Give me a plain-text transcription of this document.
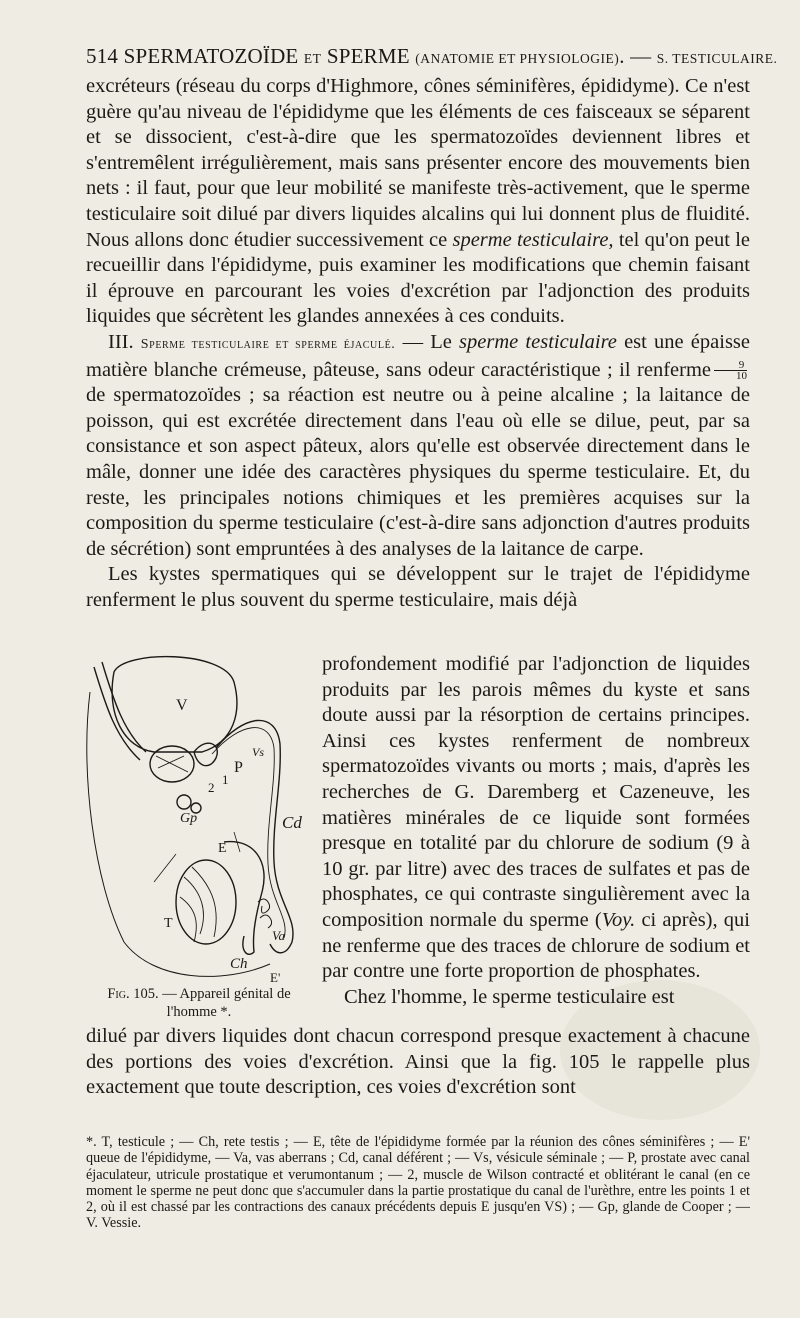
514 SPERMATOZOÏDE ET SPERME (ANATOMIE ET PHYSIOLOGIE). — S. TESTICULAIRE.

excréteurs (réseau du corps d'Highmore, cônes séminifères, épididyme). Ce n'est guère qu'au niveau de l'épididyme que les éléments de ces faisceaux se séparent et se dissocient, c'est-à-dire que les spermatozoïdes deviennent libres et s'entremêlent irrégulièrement, mais sans présenter encore des mouvements bien nets : il faut, pour que leur mobilité se manifeste très-activement, que le sperme testiculaire soit dilué par divers liquides alcalins qui lui donnent plus de fluidité. Nous allons donc étudier successivement ce sperme testiculaire, tel qu'on peut le recueillir dans l'épididyme, puis examiner les modifications que chemin faisant il éprouve en parcourant les voies d'excrétion par l'adjonction des produits liquides que sécrètent les glandes annexées à ces conduits.

III. Sperme testiculaire et sperme éjaculé. — Le sperme testiculaire est une épaisse matière blanche crémeuse, pâteuse, sans odeur caractéristique ; il renferme $\frac{9}{10}$
de spermatozoïdes ; sa réaction est neutre ou à peine alcaline ; la laitance de poisson, qui est excrétée directement dans l'eau où elle se dilue, peut, par sa consistance et son aspect pâteux, alors qu'elle est observée directement dans le mâle, donner une idée des caractères physiques du sperme testiculaire. Et, du reste, les principales notions chimiques et les premières acquises sur la composition du sperme testiculaire (c'est-à-dire sans adjonction d'autres produits de sécrétion) sont empruntées à des analyses de la laitance de carpe.

Les kystes spermatiques qui se développent sur le trajet de l'épididyme renferment le plus souvent du sperme testiculaire, mais déjà

V
P
Vs
1
2
Gp	Cd
E
T
Va
Ch
E'
Fig. 105. — Appareil génital de l'homme *.

profondement modifié par l'adjonction de liquides produits par les parois mêmes du kyste et sans doute aussi par la résorption de certains principes. Ainsi ces kystes renferment de nombreux spermatozoïdes vivants ou morts ; mais, d'après les recherches de G. Daremberg et Cazeneuve, les matières minérales de ce liquide sont formées presque en totalité par du chlorure de sodium (9 à 10 gr. par litre) avec des traces de sulfates et pas de phosphates, ce qui contraste singulièrement avec la composition normale du sperme (Voy. ci après), qui ne renferme que des traces de chlorure de sodium et par contre une forte proportion de phosphates.

Chez l'homme, le sperme testiculaire est

dilué par divers liquides dont chacun correspond presque exactement à chacune des portions des voies d'excrétion. Ainsi que la fig. 105 le rappelle plus exactement que toute description, ces voies d'excrétion sont

*. T, testicule ; — Ch, rete testis ; — E, tête de l'épididyme formée par la réunion des cônes séminifères ; — E' queue de l'épididyme, — Va, vas aberrans ; Cd, canal déférent ; — Vs, vésicule séminale ; — P, prostate avec canal éjaculateur, utricule prostatique et verumontanum ; — 2, muscle de Wilson contracté et oblitérant le canal (en ce moment le sperme ne peut donc que s'accumuler dans la partie prostatique du canal de l'urèthre, entre les points 1 et 2, où il est chassé par les contractions des canaux précédents depuis E jusqu'en VS) ; — Gp, glande de Cooper ; — V. Vessie.
